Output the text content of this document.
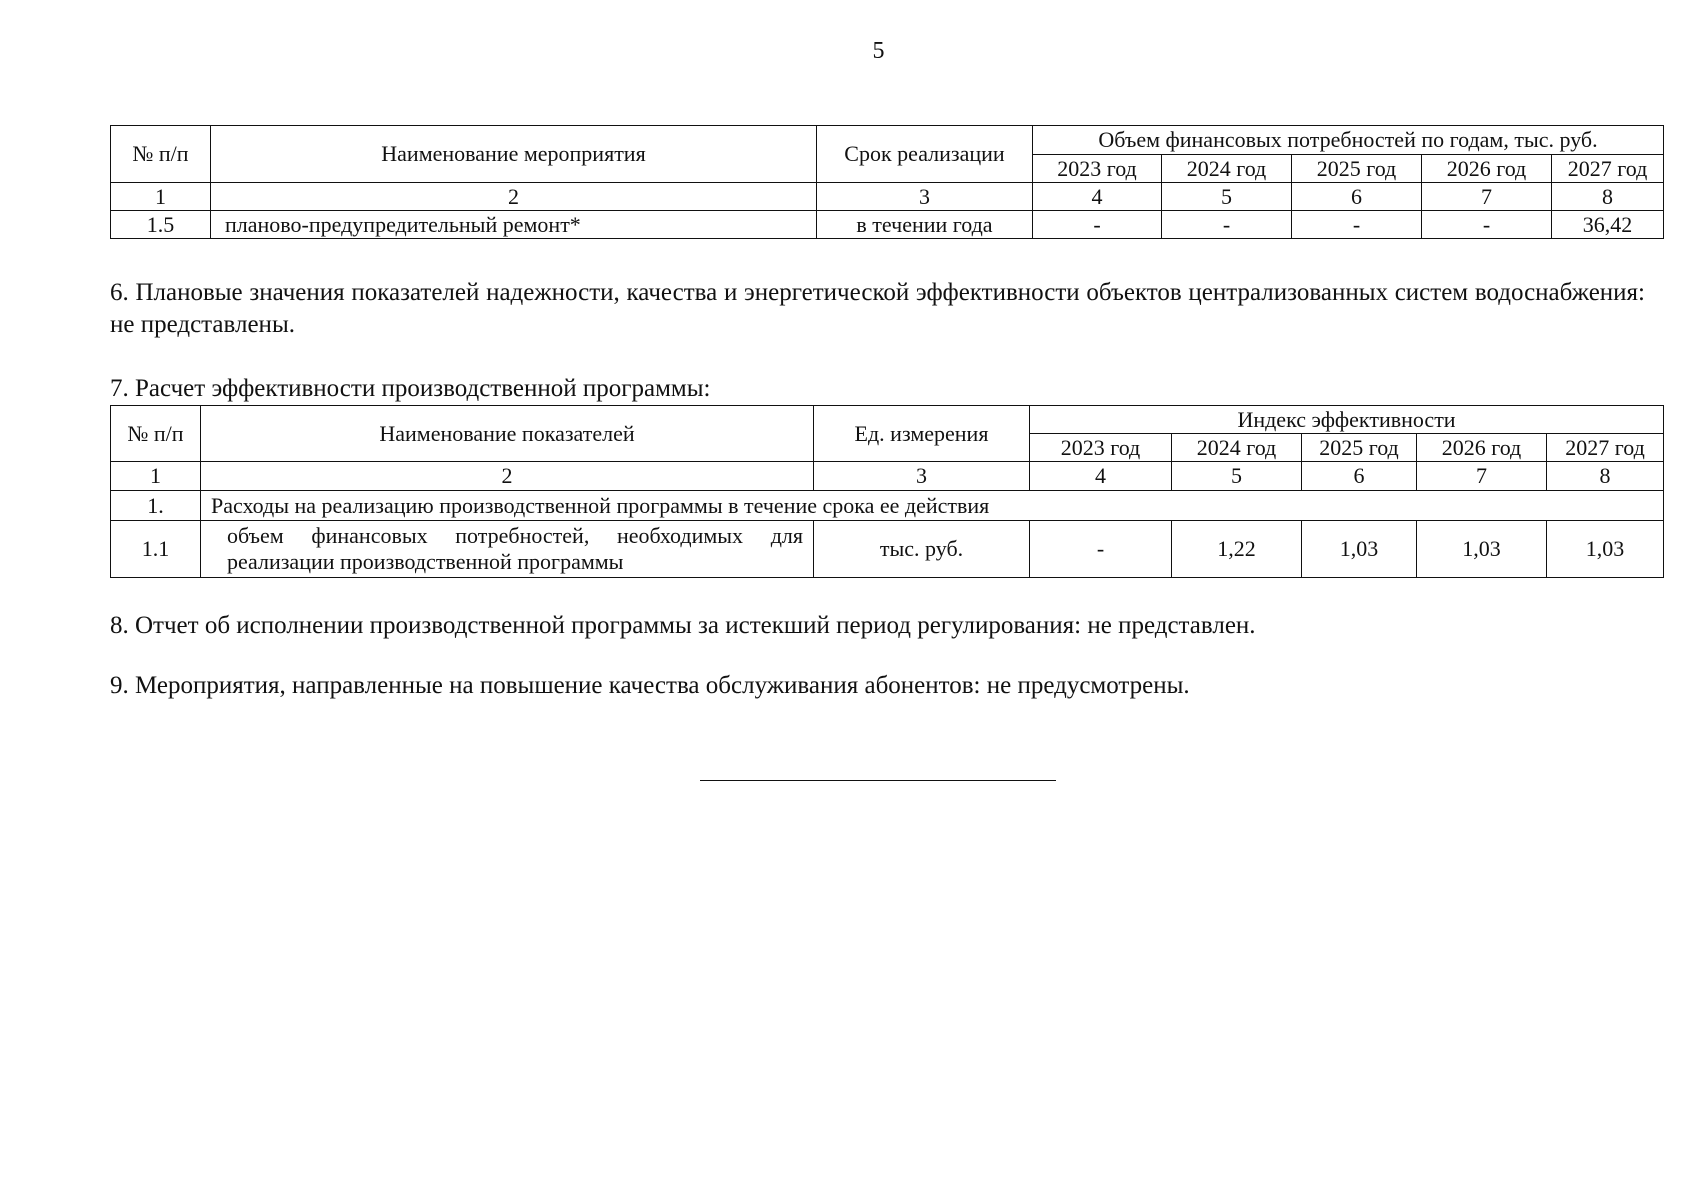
5
№ п/п	Наименование мероприятия	Срок реализации	Объем финансовых потребностей по годам, тыс. руб.				
			2023 год	2024 год	2025 год	2026 год	2027 год
1	2	3	4	5	6	7	8
1.5	планово-предупредительный ремонт*	в течении года	-	-	-	-	36,42

6. Плановые значения показателей надежности, качества и энергетической эффективности объектов централизованных систем водоснабжения: не представлены.

7. Расчет эффективности производственной программы:

№ п/п	Наименование показателей	Ед. измерения	Индекс эффективности				
			2023 год	2024 год	2025 год	2026 год	2027 год
1	2	3	4	5	6	7	8
1.	Расходы на реализацию производственной программы в течение срока ее действия						
1.1	объем финансовых потребностей, необходимых для реализации производственной программы	тыс. руб.	-	1,22	1,03	1,03	1,03

8. Отчет об исполнении производственной программы за истекший период регулирования: не представлен.

9. Мероприятия, направленные на повышение качества обслуживания абонентов: не предусмотрены.
